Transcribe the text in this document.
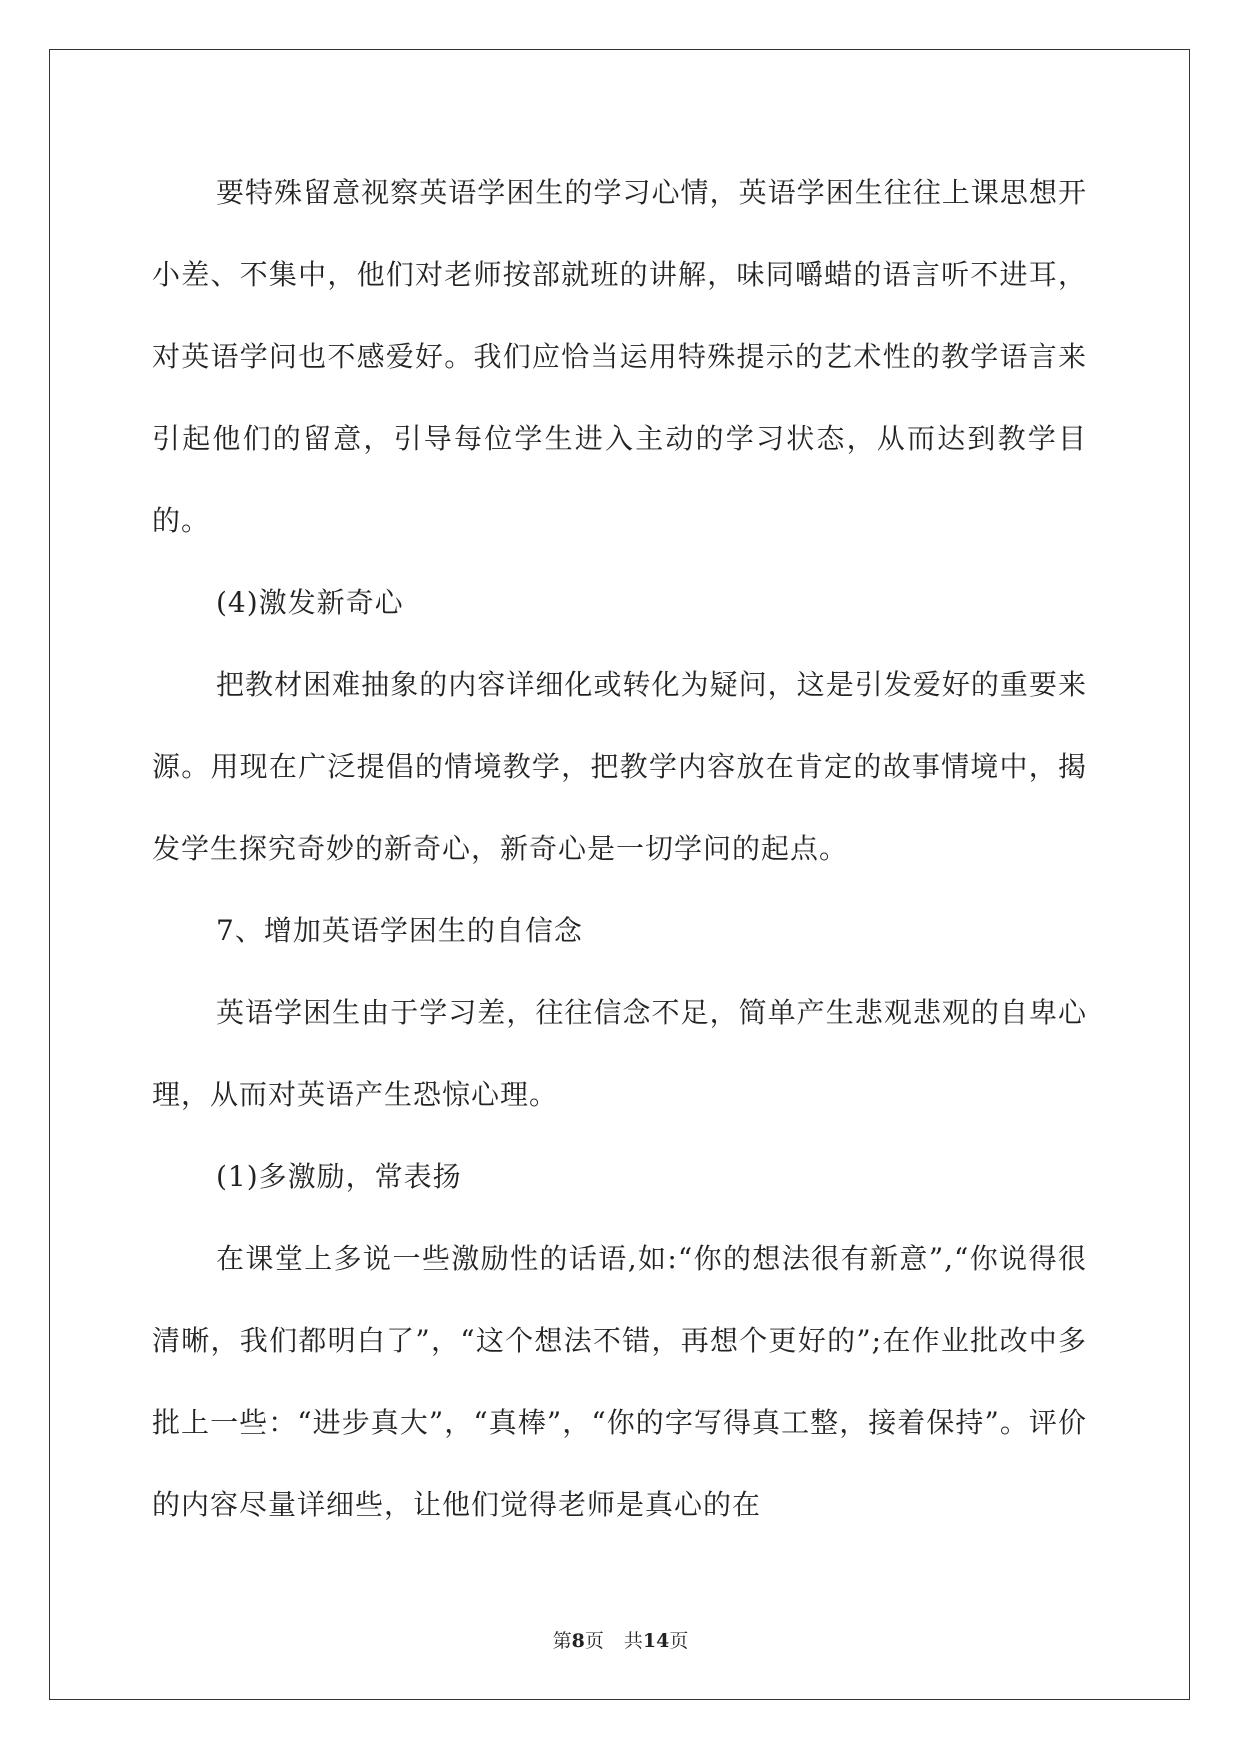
要特殊留意视察英语学困生的学习心情，英语学困生往往上课思想开小差、不集中，他们对老师按部就班的讲解，味同嚼蜡的语言听不进耳，对英语学问也不感爱好。我们应恰当运用特殊提示的艺术性的教学语言来引起他们的留意，引导每位学生进入主动的学习状态，从而达到教学目的。

(4)激发新奇心

把教材困难抽象的内容详细化或转化为疑问，这是引发爱好的重要来源。用现在广泛提倡的情境教学，把教学内容放在肯定的故事情境中，揭发学生探究奇妙的新奇心，新奇心是一切学问的起点。

7、增加英语学困生的自信念

英语学困生由于学习差，往往信念不足，简单产生悲观悲观的自卑心理，从而对英语产生恐惊心理。

(1)多激励，常表扬

在课堂上多说一些激励性的话语,如:“你的想法很有新意”,“你说得很清晰，我们都明白了”，“这个想法不错，再想个更好的”;在作业批改中多批上一些：“进步真大”，“真棒”，“你的字写得真工整，接着保持”。评价的内容尽量详细些，让他们觉得老师是真心的在

第8页 共14页
